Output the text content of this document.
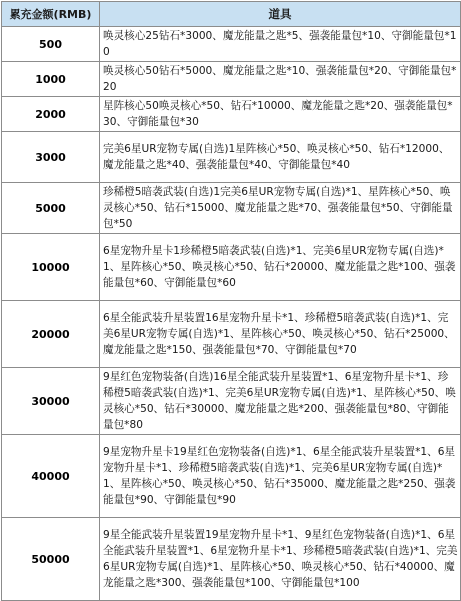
累充金额(RMB)	道具
500	唤灵核心25钻石*3000、魔龙能量之匙*5、强袭能量包*10、守御能量包*10
1000	唤灵核心50钻石*5000、魔龙能量之匙*10、强袭能量包*20、守御能量包*20
2000	星阵核心50唤灵核心*50、钻石*10000、魔龙能量之匙*20、强袭能量包*30、守御能量包*30
3000	完美6星UR宠物专属(自选)1星阵核心*50、唤灵核心*50、钻石*12000、魔龙能量之匙*40、强袭能量包*40、守御能量包*40
5000	珍稀橙5暗袭武装(自选)1完美6星UR宠物专属(自选)*1、星阵核心*50、唤灵核心*50、钻石*15000、魔龙能量之匙*70、强袭能量包*50、守御能量包*50
10000	6星宠物升星卡1珍稀橙5暗袭武装(自选)*1、完美6星UR宠物专属(自选)*1、星阵核心*50、唤灵核心*50、钻石*20000、魔龙能量之匙*100、强袭能量包*60、守御能量包*60
20000	6星全能武装升星装置16星宠物升星卡*1、珍稀橙5暗袭武装(自选)*1、完美6星UR宠物专属(自选)*1、星阵核心*50、唤灵核心*50、钻石*25000、魔龙能量之匙*150、强袭能量包*70、守御能量包*70
30000	9星红色宠物装备(自选)16星全能武装升星装置*1、6星宠物升星卡*1、珍稀橙5暗袭武装(自选)*1、完美6星UR宠物专属(自选)*1、星阵核心*50、唤灵核心*50、钻石*30000、魔龙能量之匙*200、强袭能量包*80、守御能量包*80
40000	9星宠物升星卡19星红色宠物装备(自选)*1、6星全能武装升星装置*1、6星宠物升星卡*1、珍稀橙5暗袭武装(自选)*1、完美6星UR宠物专属(自选)*1、星阵核心*50、唤灵核心*50、钻石*35000、魔龙能量之匙*250、强袭能量包*90、守御能量包*90
50000	9星全能武装升星装置19星宠物升星卡*1、9星红色宠物装备(自选)*1、6星全能武装升星装置*1、6星宠物升星卡*1、珍稀橙5暗袭武装(自选)*1、完美6星UR宠物专属(自选)*1、星阵核心*50、唤灵核心*50、钻石*40000、魔龙能量之匙*300、强袭能量包*100、守御能量包*100
